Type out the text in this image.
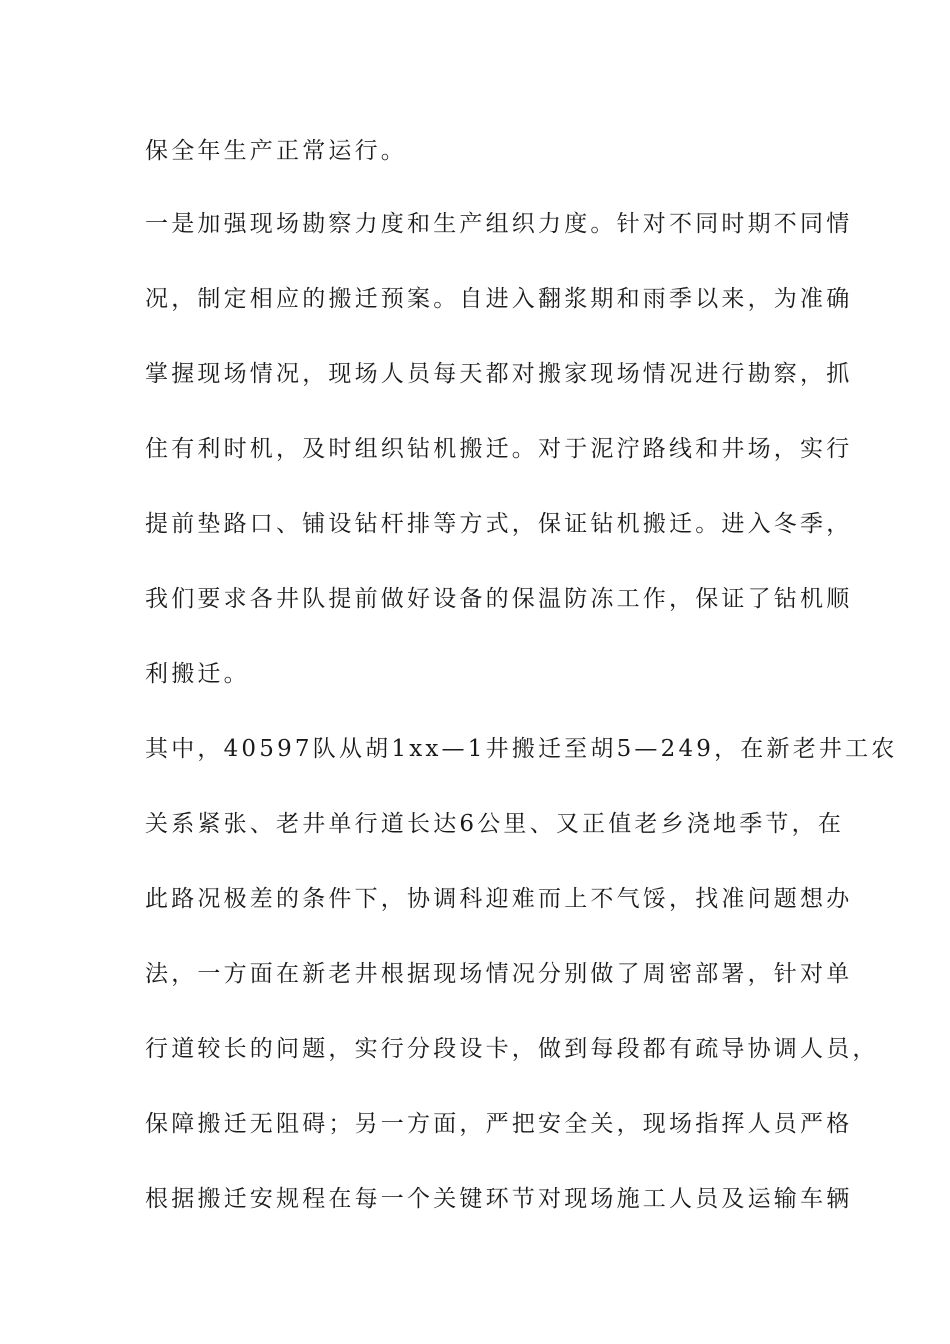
保全年生产正常运行。
一是加强现场勘察力度和生产组织力度。针对不同时期不同情
况，制定相应的搬迁预案。自进入翻浆期和雨季以来，为准确
掌握现场情况，现场人员每天都对搬家现场情况进行勘察，抓
住有利时机，及时组织钻机搬迁。对于泥泞路线和井场，实行
提前垫路口、铺设钻杆排等方式，保证钻机搬迁。进入冬季，
我们要求各井队提前做好设备的保温防冻工作，保证了钻机顺
利搬迁。
其中，40597队从胡1xx—1井搬迁至胡5—249，在新老井工农
关系紧张、老井单行道长达6公里、又正值老乡浇地季节，在
此路况极差的条件下，协调科迎难而上不气馁，找准问题想办
法，一方面在新老井根据现场情况分别做了周密部署，针对单
行道较长的问题，实行分段设卡，做到每段都有疏导协调人员，
保障搬迁无阻碍；另一方面，严把安全关，现场指挥人员严格
根据搬迁安规程在每一个关键环节对现场施工人员及运输车辆
